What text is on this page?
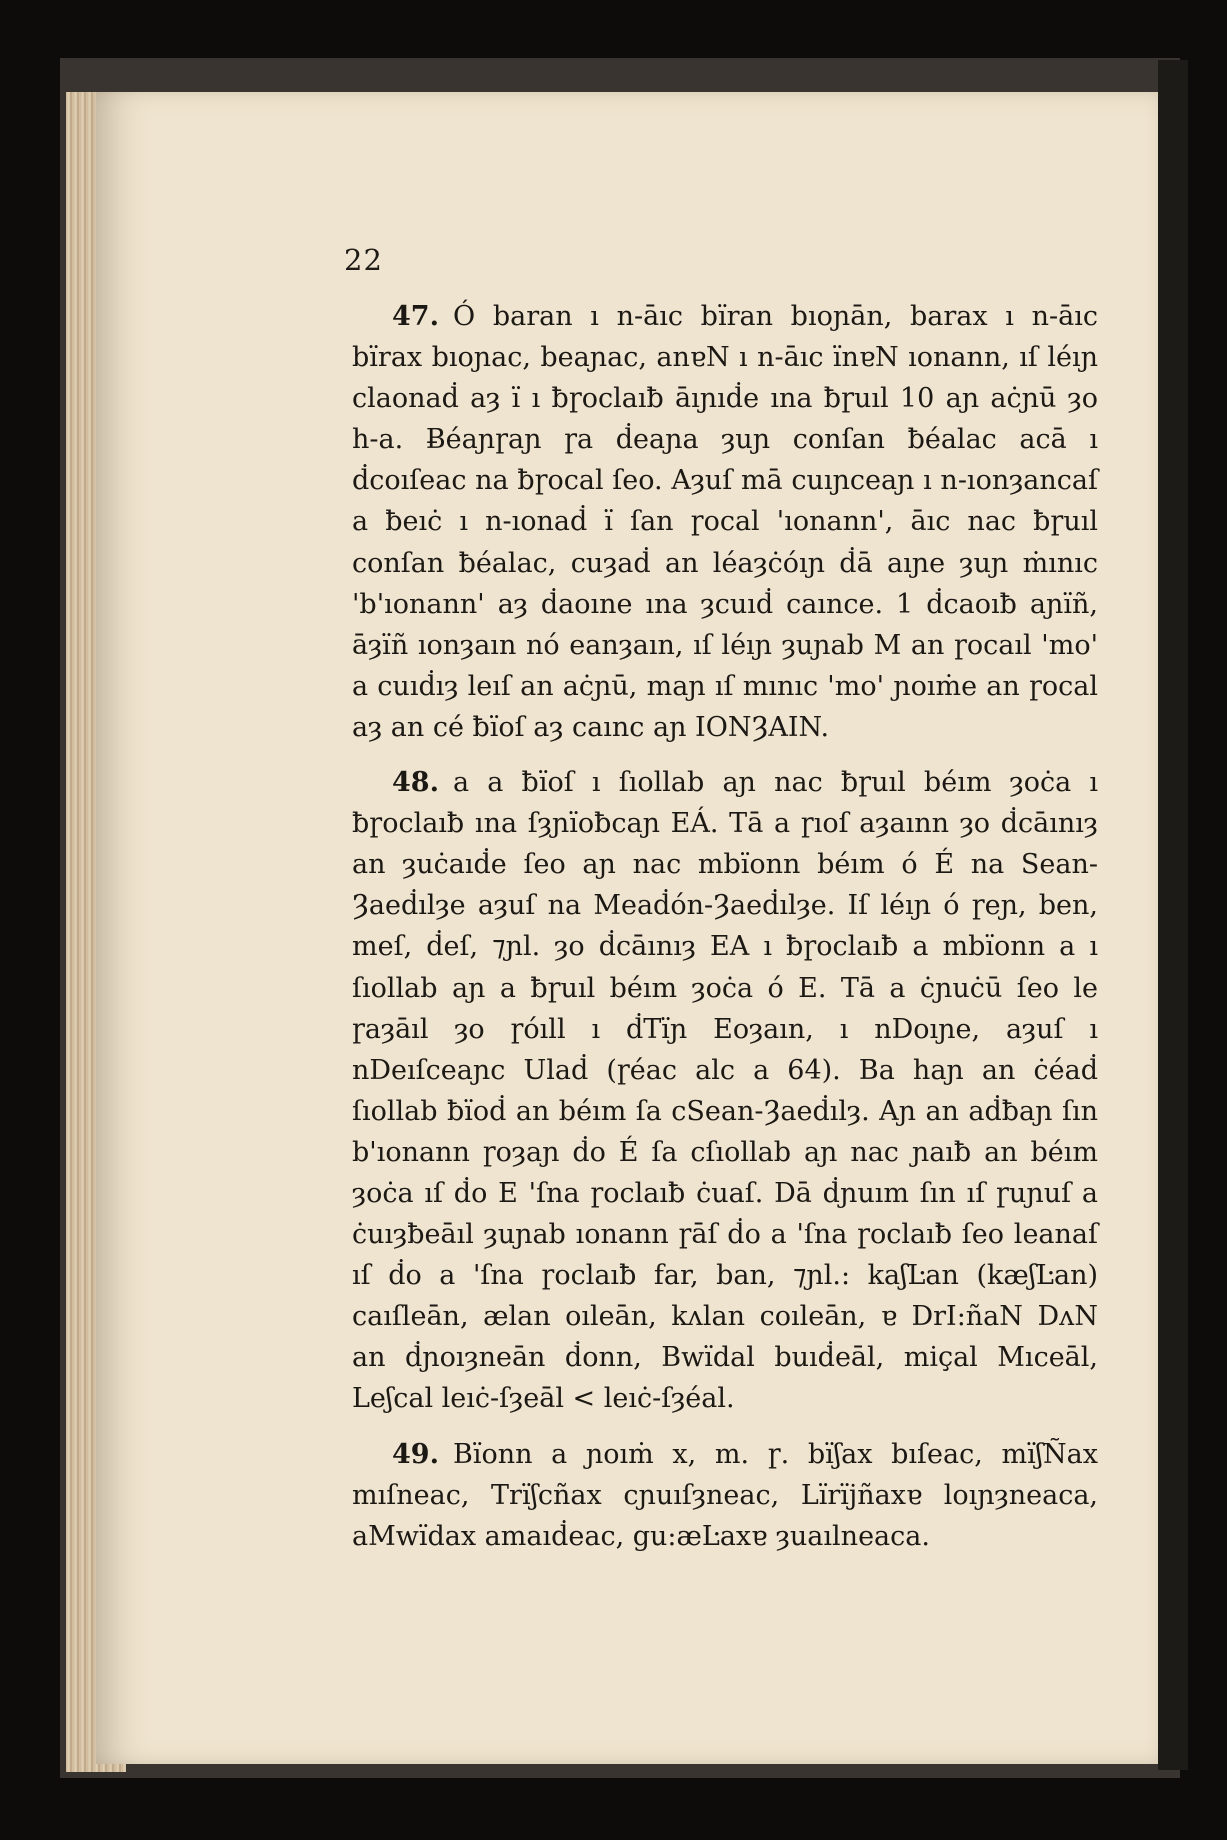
22

47. Ó baran ı n-āıc bïran bıoɲān, barax ı n-āıc bïrax bıoɲac, beaɲac, anɐN ı n-āıc ïnɐN ıonann, ıſ léıɲ claonaḋ aȝ ï ı ƀɼoclaıƀ āıɲıḋe ına ƀɼuıl 10 aɲ aċɲū ȝo h-a. Ƀéaɲɼaɲ ɼa ḋeaɲa ȝuɲ conſan ƀéalac acā ı ḋcoıſeac na ƀɼocal ſeo. Aȝuſ mā cuıɲceaɲ ı n-ıonȝancaſ a ƀeıċ ı n-ıonaḋ ï ſan ɼocal 'ıonann', āıc nac ƀɼuıl conſan ƀéalac, cuȝaḋ an léaȝċóıɲ ḋā aıɲe ȝuɲ ṁınıc 'b'ıonann' aȝ ḋaoıne ına ȝcuıḋ caınce. 1 ḋcaoıƀ aɲïñ, āȝïñ ıonȝaın nó eanȝaın, ıſ léıɲ ȝuɲab M an ɼocaıl 'mo' a cuıḋıȝ leıſ an aċɲū, maɲ ıſ mınıc 'mo' ɲoıṁe an ɼocal aȝ an cé ƀïoſ aȝ caınc aɲ IONȜAIN.

48. a a ƀïoſ ı ſıollab aɲ nac ƀɼuıl béım ȝoċa ı ƀɼoclaıƀ ına ſȝɲïoƀcaɲ EÁ. Tā a ɼıoſ aȝaınn ȝo ḋcāınıȝ an ȝuċaıḋe ſeo aɲ nac mbïonn béım ó É na Sean-Ȝaeḋılȝe aȝuſ na Meaḋón-Ȝaeḋılȝe. Iſ léıɲ ó ɼeɲ, ben, meſ, ḋeſ, ⁊ɲl. ȝo ḋcāınıȝ EA ı ƀɼoclaıƀ a mbïonn a ı ſıollab aɲ a ƀɼuıl béım ȝoċa ó E. Tā a ċɲuċū ſeo le ɼaȝāıl ȝo ɼóıll ı ḋTïɲ Eoȝaın, ı nDoıɲe, aȝuſ ı nDeıſceaɲc Ulaḋ (ɼéac alc a 64). Ba haɲ an ċéaḋ ſıollab ƀïoḋ an béım ſa cSean-Ȝaeḋılȝ. Aɲ an aḋƀaɲ ſın b'ıonann ɼoȝaɲ ḋo É ſa cſıollab aɲ nac ɲaıƀ an béım ȝoċa ıſ ḋo E 'ſna ɼoclaıƀ ċuaſ. Dā ḋɲuım ſın ıſ ɼuɲuſ a ċuıȝƀeāıl ȝuɲab ıonann ɼāſ ḋo a 'ſna ɼoclaıƀ ſeo leanaſ ıſ ḋo a 'ſna ɼoclaıƀ far, ban, ⁊ɲl.: kaʃĿan (kæʃĿan) caıſleān, ælan oıleān, kʌlan coıleān, ɐ DrI:ñaN DʌN an ḋɲoıȝneān ḋonn, Bwïdal buıḋeāl, miçal Mıceāl, Leʃcal leıċ-ſȝeāl < leıċ-ſȝéal.

49. Bïonn a ɲoıṁ x, m. ɼ. bïʃax bıſeac, mïʃÑax mıſneac, Trïʃcñax cɲuıſȝneac, Lïrïjñaxɐ loıɲȝneaca, aMwïdax amaıḋeac, gu:æĿaxɐ ȝuaılneaca.
